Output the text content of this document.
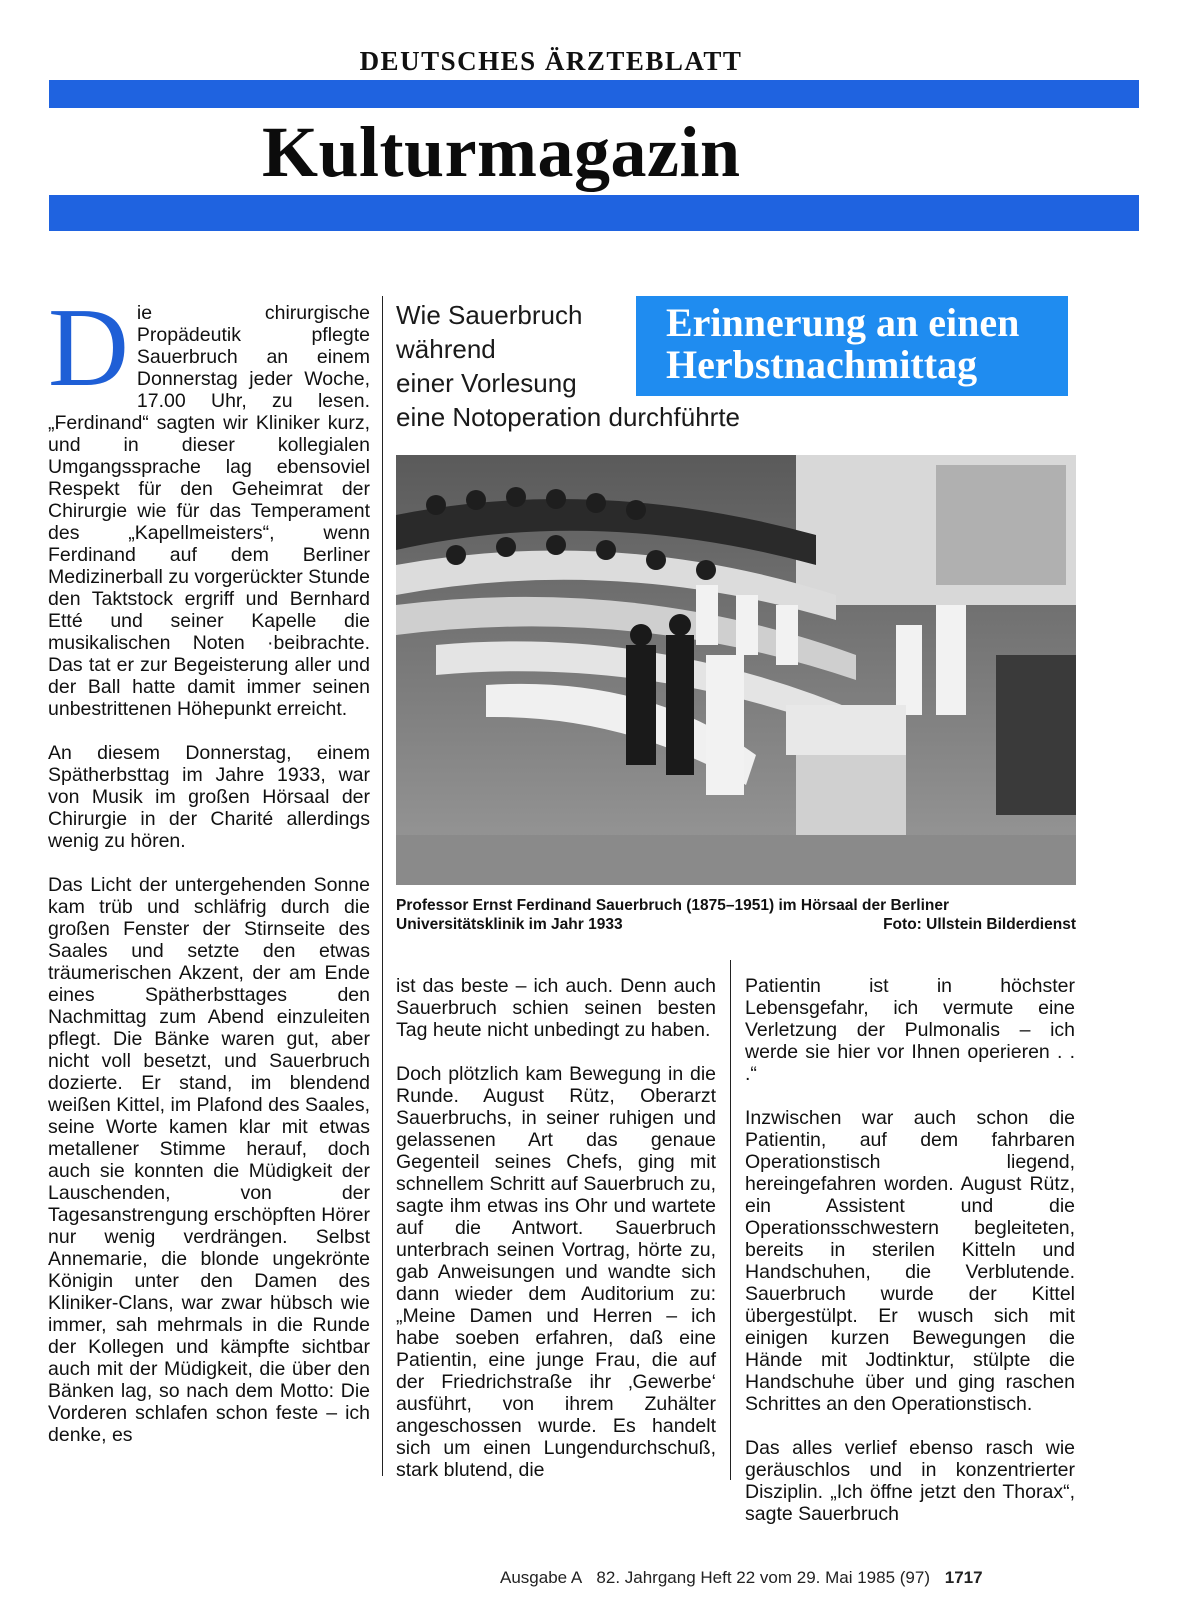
DEUTSCHES ÄRZTEBLATT
Kulturmagazin

Die chirurgische Propädeutik pflegte Sauerbruch an einem Donnerstag jeder Woche, 17.00 Uhr, zu lesen. „Ferdinand“ sagten wir Kliniker kurz, und in dieser kollegialen Umgangssprache lag ebensoviel Respekt für den Geheimrat der Chirurgie wie für das Temperament des „Kapellmeisters“, wenn Ferdinand auf dem Berliner Medizinerball zu vorgerückter Stunde den Taktstock ergriff und Bernhard Etté und seiner Kapelle die musikalischen Noten ·beibrachte. Das tat er zur Begeisterung aller und der Ball hatte damit immer seinen unbestrittenen Höhepunkt erreicht.

An diesem Donnerstag, einem Spätherbsttag im Jahre 1933, war von Musik im großen Hörsaal der Chirurgie in der Charité allerdings wenig zu hören.

Das Licht der untergehenden Sonne kam trüb und schläfrig durch die großen Fenster der Stirnseite des Saales und setzte den etwas träumerischen Akzent, der am Ende eines Spätherbsttages den Nachmittag zum Abend einzuleiten pflegt. Die Bänke waren gut, aber nicht voll besetzt, und Sauerbruch dozierte. Er stand, im blendend weißen Kittel, im Plafond des Saales, seine Worte kamen klar mit etwas metallener Stimme herauf, doch auch sie konnten die Müdigkeit der Lauschenden, von der Tagesanstrengung erschöpften Hörer nur wenig verdrängen. Selbst Annemarie, die blonde ungekrönte Königin unter den Damen des Kliniker-Clans, war zwar hübsch wie immer, sah mehrmals in die Runde der Kollegen und kämpfte sichtbar auch mit der Müdigkeit, die über den Bänken lag, so nach dem Motto: Die Vorderen schlafen schon feste – ich denke, es

Wie Sauerbruch
während
einer Vorlesung
eine Notoperation durchführte
Erinnerung an einen
Herbstnachmittag
Professor Ernst Ferdinand Sauerbruch (1875–1951) im Hörsaal der Berliner Universitätsklinik im Jahr 1933	Foto: Ullstein Bilderdienst

ist das beste – ich auch. Denn auch Sauerbruch schien seinen besten Tag heute nicht unbedingt zu haben.

Doch plötzlich kam Bewegung in die Runde. August Rütz, Oberarzt Sauerbruchs, in seiner ruhigen und gelassenen Art das genaue Gegenteil seines Chefs, ging mit schnellem Schritt auf Sauerbruch zu, sagte ihm etwas ins Ohr und wartete auf die Antwort. Sauerbruch unterbrach seinen Vortrag, hörte zu, gab Anweisungen und wandte sich dann wieder dem Auditorium zu: „Meine Damen und Herren – ich habe soeben erfahren, daß eine Patientin, eine junge Frau, die auf der Friedrichstraße ihr ‚Gewerbe‘ ausführt, von ihrem Zuhälter angeschossen wurde. Es handelt sich um einen Lungendurchschuß, stark blutend, die

Patientin ist in höchster Lebensgefahr, ich vermute eine Verletzung der Pulmonalis – ich werde sie hier vor Ihnen operieren . . .“

Inzwischen war auch schon die Patientin, auf dem fahrbaren Operationstisch liegend, hereingefahren worden. August Rütz, ein Assistent und die Operationsschwestern begleiteten, bereits in sterilen Kitteln und Handschuhen, die Verblutende. Sauerbruch wurde der Kittel übergestülpt. Er wusch sich mit einigen kurzen Bewegungen die Hände mit Jodtinktur, stülpte die Handschuhe über und ging raschen Schrittes an den Operationstisch.

Das alles verlief ebenso rasch wie geräuschlos und in konzentrierter Disziplin. „Ich öffne jetzt den Thorax“, sagte Sauerbruch

Ausgabe A 82. Jahrgang Heft 22 vom 29. Mai 1985 (97) 1717
